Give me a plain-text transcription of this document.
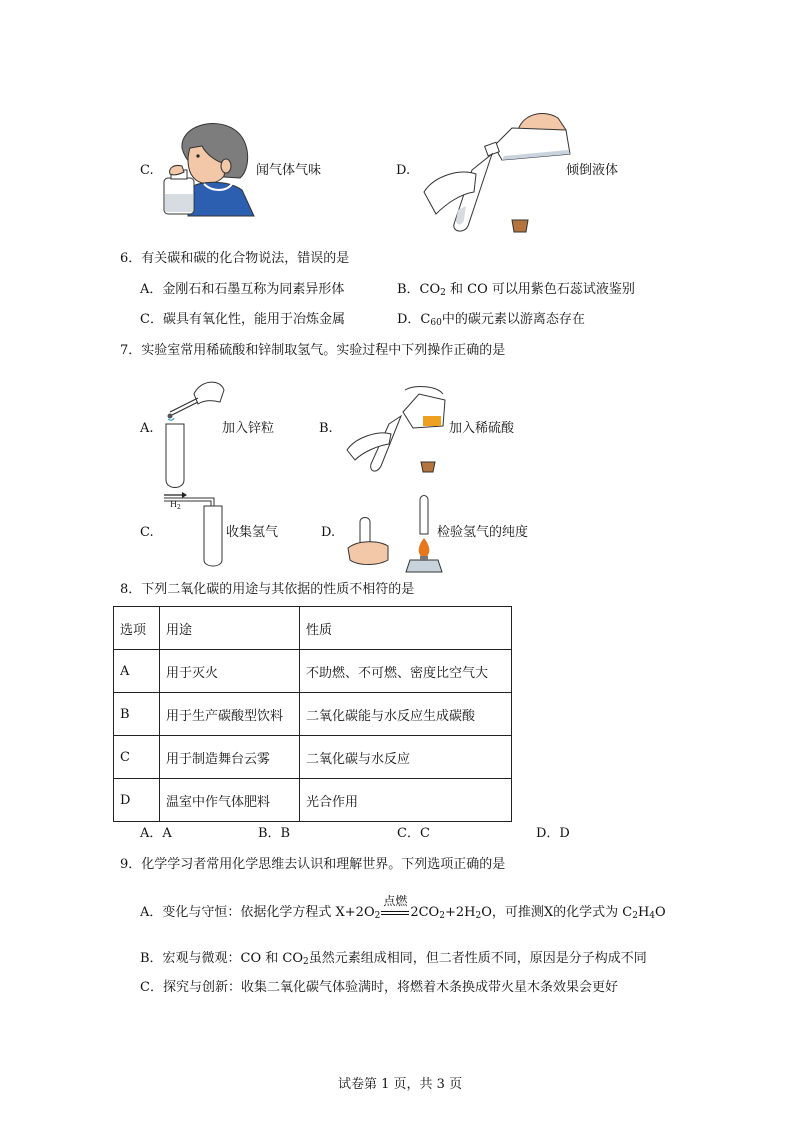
C.	闻气体气味	D.	倾倒液体
6．有关碳和碳的化合物说法，错误的是
A．金刚石和石墨互称为同素异形体	B．$CO_2$ 和 CO 可以用紫色石蕊试液鉴别
C．碳具有氧化性，能用于冶炼金属	D．$C_{60}$中的碳元素以游离态存在
7．实验室常用稀硫酸和锌制取氢气。实验过程中下列操作正确的是
A.	加入锌粒	B.	加入稀硫酸
C.
$H_2$
收集氢气	D.	检验氢气的纯度
8．下列二氧化碳的用途与其依据的性质不相符的是
选项	用途	性质
A	用于灭火	不助燃、不可燃、密度比空气大
B	用于生产碳酸型饮料	二氧化碳能与水反应生成碳酸
C	用于制造舞台云雾	二氧化碳与水反应
D	温室中作气体肥料	光合作用
A．A	B．B	C．C	D．D
9．化学学习者常用化学思维去认识和理解世界。下列选项正确的是
A．变化与守恒：依据化学方程式 $X+2O_2$
点燃
$2CO_2+2H_2O$，可推测X的化学式为 $C_2H_4O$
B．宏观与微观：CO 和 $CO_2$虽然元素组成相同，但二者性质不同，原因是分子构成不同
C．探究与创新：收集二氧化碳气体验满时，将燃着木条换成带火星木条效果会更好
试卷第 1 页，共 3 页
